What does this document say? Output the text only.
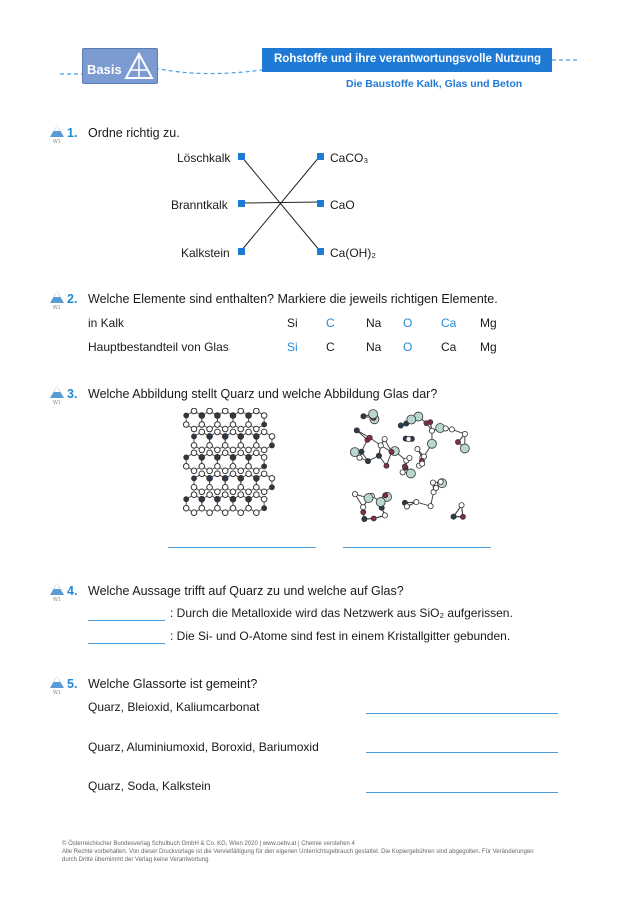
Basis
Rohstoffe und ihre verantwortungsvolle Nutzung
Die Baustoffe Kalk, Glas und Beton
W1
1. Ordne richtig zu.
Löschkalk
Branntkalk
Kalkstein
CaCO₃
CaO
Ca(OH)₂
W1
2. Welche Elemente sind enthalten? Markiere die jeweils richtigen Elemente.
in Kalk	Si C	Na O Ca Mg
Hauptbestandteil von Glas	Si C	Na O Ca Mg
W1
3. Welche Abbildung stellt Quarz und welche Abbildung Glas dar?
W1
4. Welche Aussage trifft auf Quarz zu und welche auf Glas?
: Durch die Metalloxide wird das Netzwerk aus SiO₂ aufgerissen.
: Die Si- und O-Atome sind fest in einem Kristallgitter gebunden.
W1
5. Welche Glassorte ist gemeint?
Quarz, Bleioxid, Kaliumcarbonat
Quarz, Aluminiumoxid, Boroxid, Bariumoxid
Quarz, Soda, Kalkstein
© Österreichischer Bundesverlag Schulbuch GmbH & Co. KG, Wien 2020 | www.oebv.at | Chemie verstehen 4
Alle Rechte vorbehalten. Von dieser Druckvorlage ist die Vervielfältigung für den eigenen Unterrichtsgebrauch gestattet. Die Kopiergebühren sind abgegolten. Für Veränderungen
durch Dritte übernimmt der Verlag keine Verantwortung.
